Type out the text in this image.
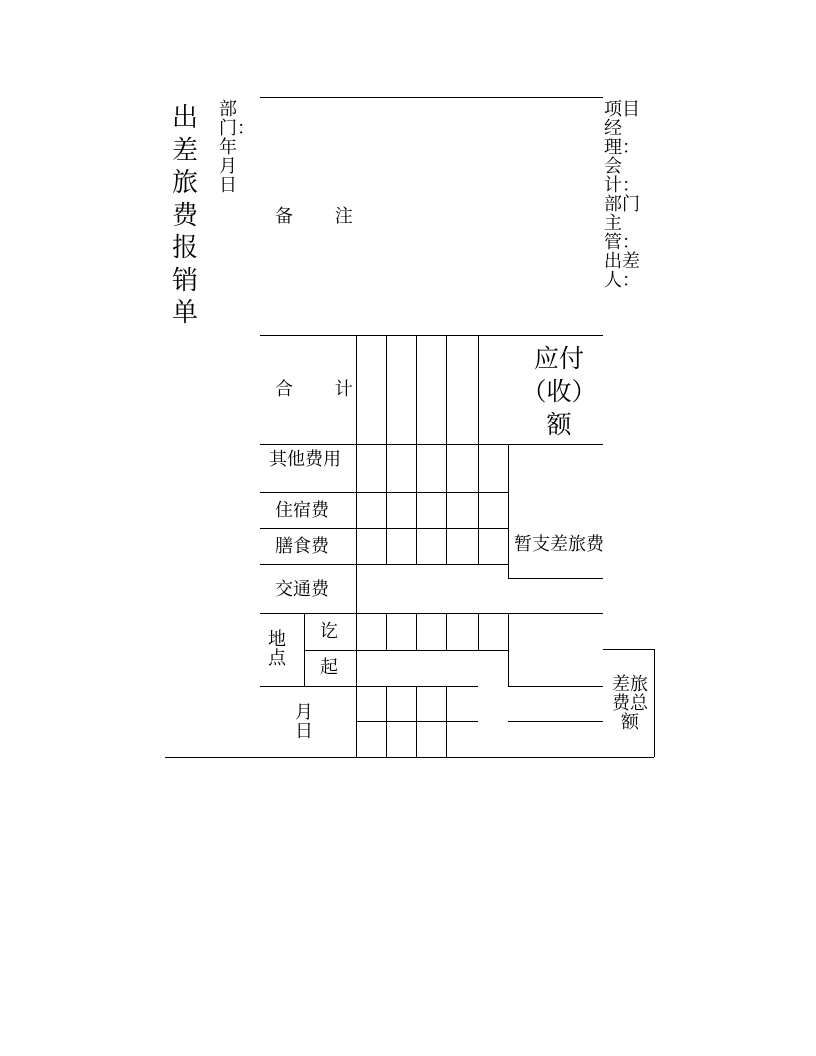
出差旅费报销单
部门：年月日
项目经理：会计：部门主管：出差人：
备 注
合 计
其他费用
住宿费
膳食费
交通费
地点
讫
起
月日
应付（收）额
暂支差旅费
差旅费总额
